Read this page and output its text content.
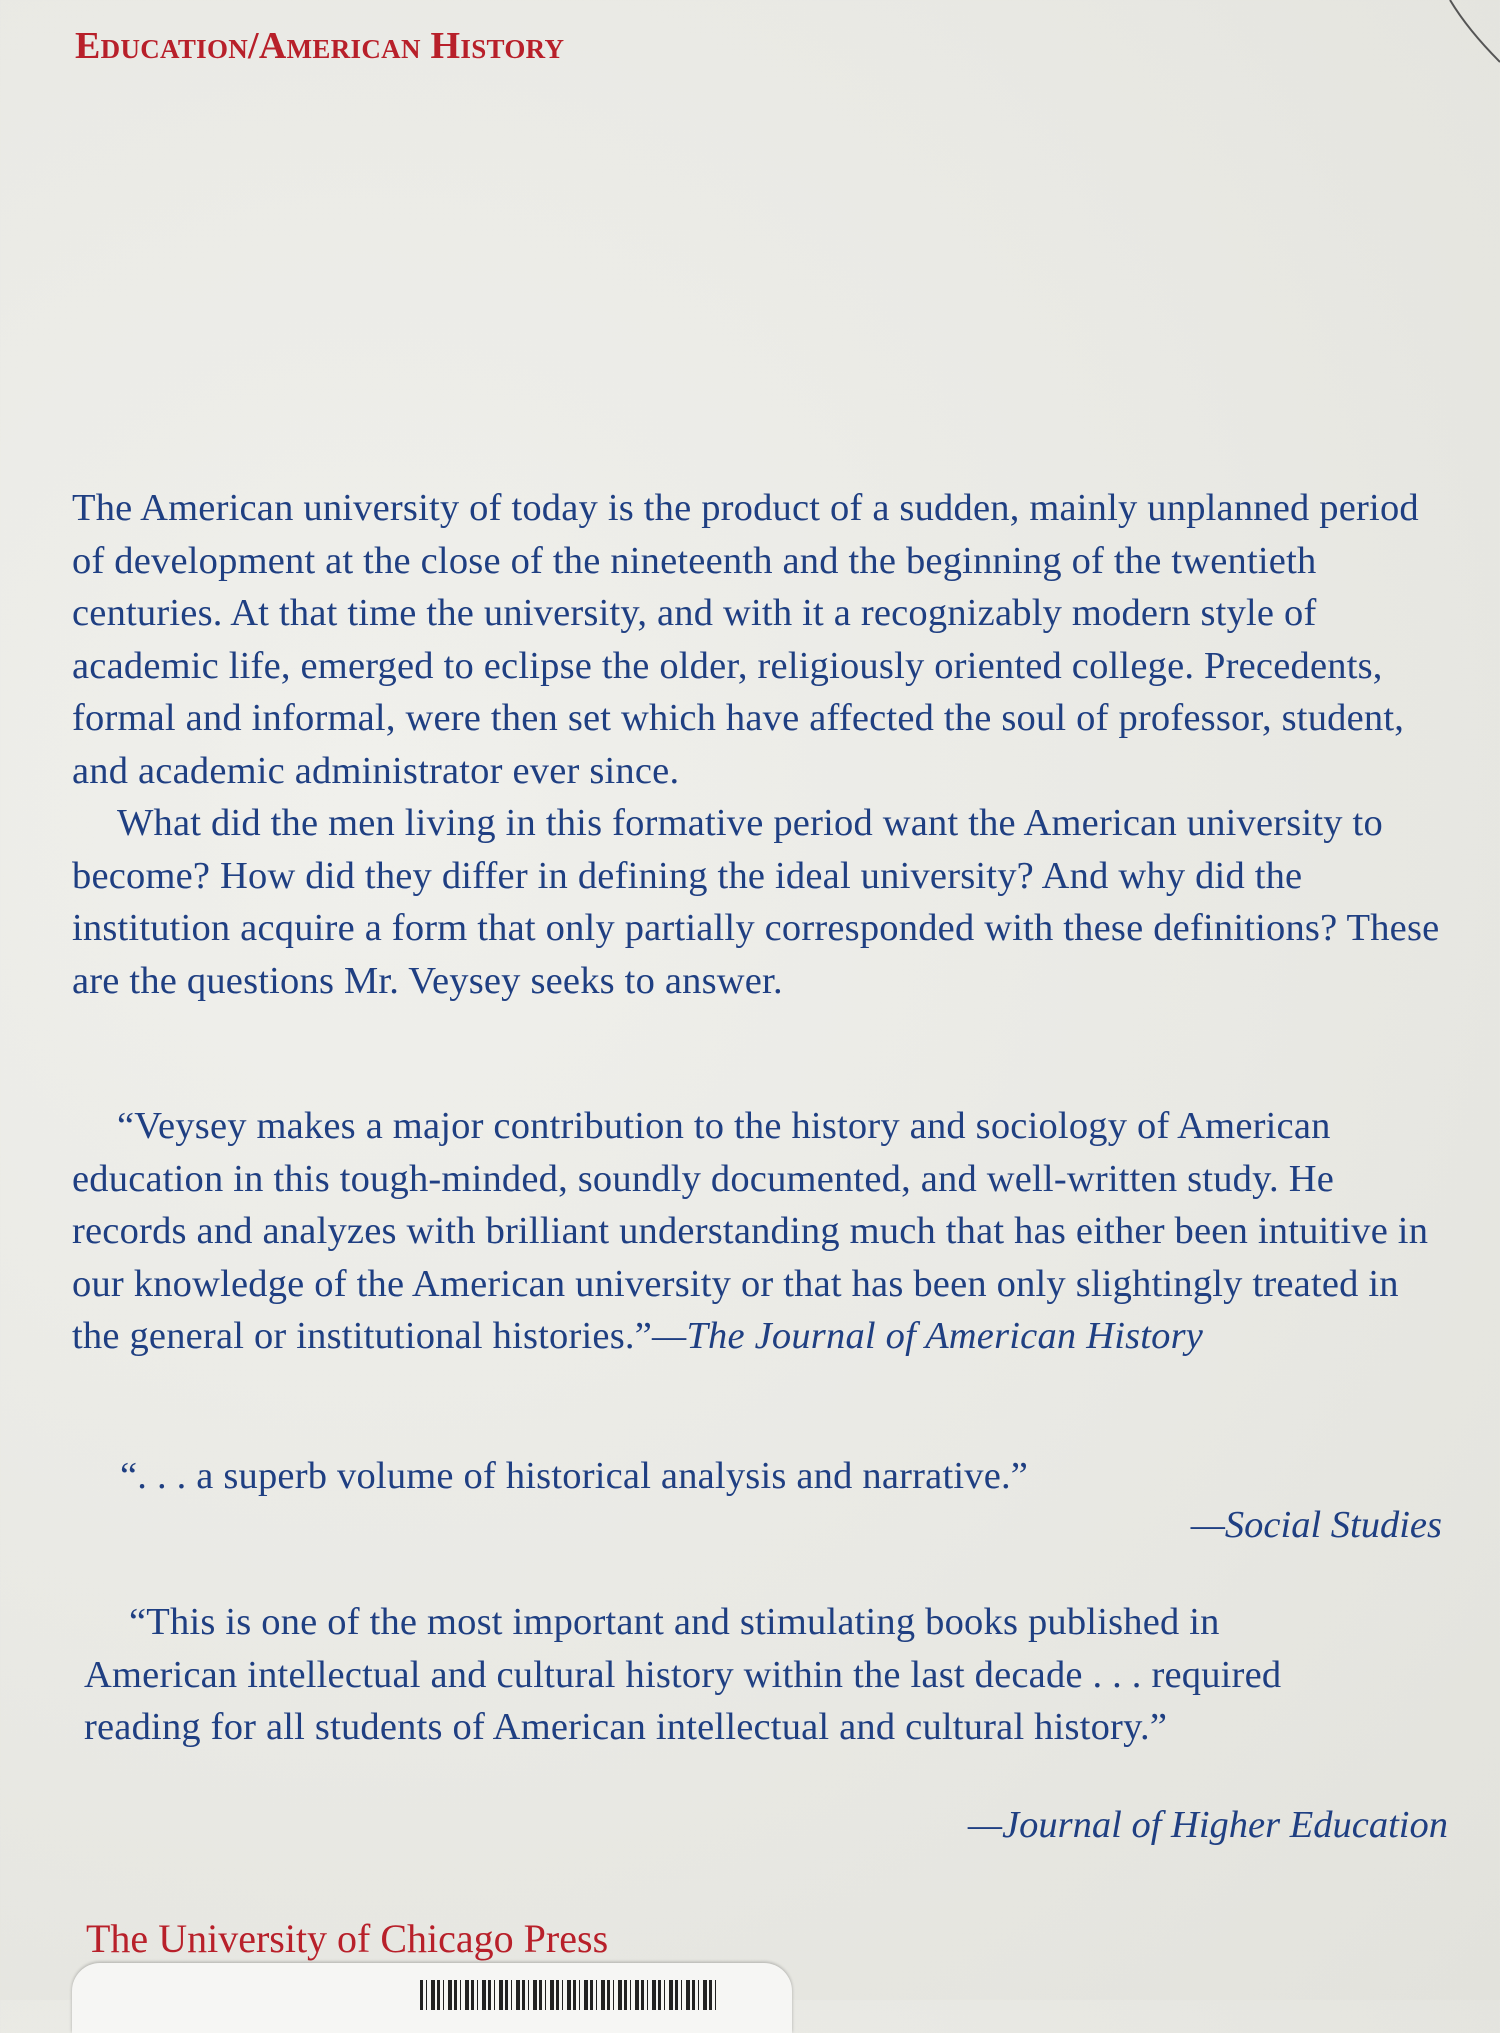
Education/American History

The American university of today is the product of a sudden, mainly unplanned period of development at the close of the nineteenth and the beginning of the twentieth centuries. At that time the university, and with it a recognizably modern style of academic life, emerged to eclipse the older, religiously oriented college. Precedents, formal and informal, were then set which have affected the soul of professor, student, and academic administrator ever since.

What did the men living in this formative period want the American university to become? How did they differ in defining the ideal university? And why did the institution acquire a form that only partially corresponded with these definitions? These are the questions Mr. Veysey seeks to answer.

“Veysey makes a major contribution to the history and sociology of American education in this tough-minded, soundly documented, and well-written study. He records and analyzes with brilliant understanding much that has either been intuitive in our knowledge of the American university or that has been only slightingly treated in the general or institutional histories.”—The Journal of American History
“. . . a superb volume of historical analysis and narrative.”
—Social Studies
“This is one of the most important and stimulating books published in American intellectual and cultural history within the last decade . . . required reading for all students of American intellectual and cultural history.”
—Journal of Higher Education
The University of Chicago Press
